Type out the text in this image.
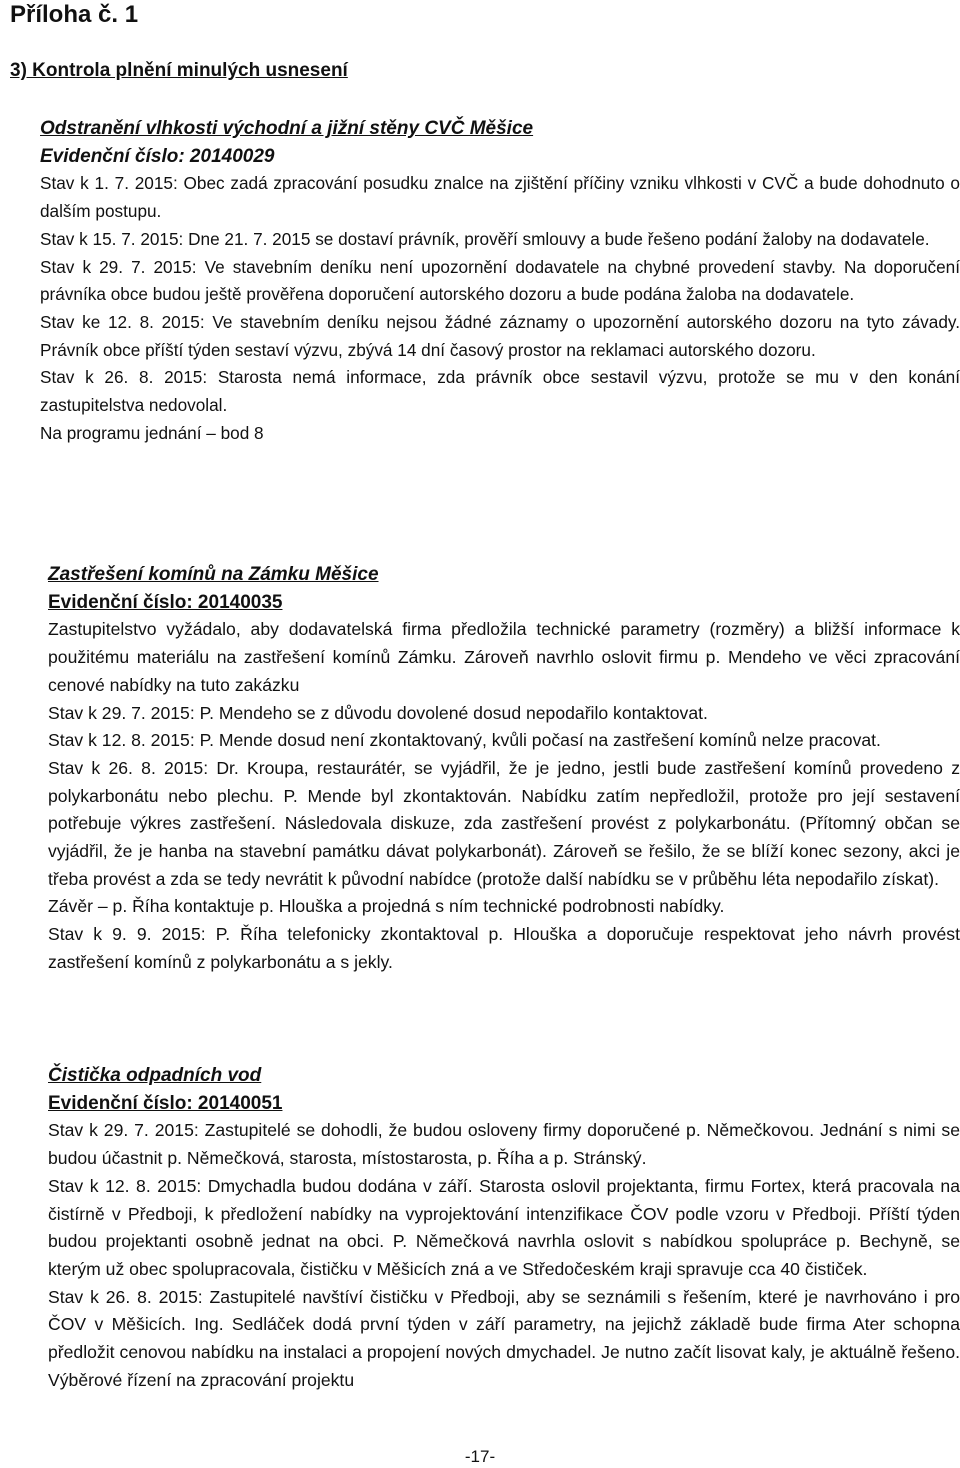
Příloha č. 1
3) Kontrola plnění minulých usnesení

Odstranění vlhkosti východní a jižní stěny CVČ Měšice

Evidenční číslo: 20140029

Stav k 1. 7. 2015: Obec zadá zpracování posudku znalce na zjištění příčiny vzniku vlhkosti v CVČ a bude dohodnuto o dalším postupu.

Stav k 15. 7. 2015: Dne 21. 7. 2015 se dostaví právník, prověří smlouvy a bude řešeno podání žaloby na dodavatele.

Stav k 29. 7. 2015: Ve stavebním deníku není upozornění dodavatele na chybné provedení stavby. Na doporučení právníka obce budou ještě prověřena doporučení autorského dozoru a bude podána žaloba na dodavatele.

Stav ke 12. 8. 2015: Ve stavebním deníku nejsou žádné záznamy o upozornění autorského dozoru na tyto závady. Právník obce příští týden sestaví výzvu, zbývá 14 dní časový prostor na reklamaci autorského dozoru.

Stav k 26. 8. 2015: Starosta nemá informace, zda právník obce sestavil výzvu, protože se mu v den konání zastupitelstva nedovolal.

Na programu jednání – bod 8

Zastřešení komínů na Zámku Měšice

Evidenční číslo: 20140035

Zastupitelstvo vyžádalo, aby dodavatelská firma předložila technické parametry (rozměry) a bližší informace k použitému materiálu na zastřešení komínů Zámku. Zároveň navrhlo oslovit firmu p. Mendeho ve věci zpracování cenové nabídky na tuto zakázku

Stav k 29. 7. 2015: P. Mendeho se z důvodu dovolené dosud nepodařilo kontaktovat.

Stav k 12. 8. 2015: P. Mende dosud není zkontaktovaný, kvůli počasí na zastřešení komínů nelze pracovat.

Stav k 26. 8. 2015: Dr. Kroupa, restaurátér, se vyjádřil, že je jedno, jestli bude zastřešení komínů provedeno z polykarbonátu nebo plechu. P. Mende byl zkontaktován. Nabídku zatím nepředložil, protože pro její sestavení potřebuje výkres zastřešení. Následovala diskuze, zda zastřešení provést z polykarbonátu. (Přítomný občan se vyjádřil, že je hanba na stavební památku dávat polykarbonát). Zároveň se řešilo, že se blíží konec sezony, akci je třeba provést a zda se tedy nevrátit k původní nabídce (protože další nabídku se v průběhu léta nepodařilo získat).

Závěr – p. Říha kontaktuje p. Hlouška a projedná s ním technické podrobnosti nabídky.

Stav k 9. 9. 2015: P. Říha telefonicky zkontaktoval p. Hlouška a doporučuje respektovat jeho návrh provést zastřešení komínů z polykarbonátu a s jekly.

Čistička odpadních vod

Evidenční číslo: 20140051

Stav k 29. 7. 2015: Zastupitelé se dohodli, že budou osloveny firmy doporučené p. Němečkovou. Jednání s nimi se budou účastnit p. Němečková, starosta, místostarosta, p. Říha a p. Stránský.

Stav k 12. 8. 2015: Dmychadla budou dodána v září. Starosta oslovil projektanta, firmu Fortex, která pracovala na čistírně v Předboji, k předložení nabídky na vyprojektování intenzifikace ČOV podle vzoru v Předboji. Příští týden budou projektanti osobně jednat na obci. P. Němečková navrhla oslovit s nabídkou spolupráce p. Bechyně, se kterým už obec spolupracovala, čističku v Měšicích zná a ve Středočeském kraji spravuje cca 40 čističek.

Stav k 26. 8. 2015: Zastupitelé navštíví čističku v Předboji, aby se seznámili s řešením, které je navrhováno i pro ČOV v Měšicích. Ing. Sedláček dodá první týden v září parametry, na jejichž základě bude firma Ater schopna předložit cenovou nabídku na instalaci a propojení nových dmychadel. Je nutno začít lisovat kaly, je aktuálně řešeno. Výběrové řízení na zpracování projektu

-17-
